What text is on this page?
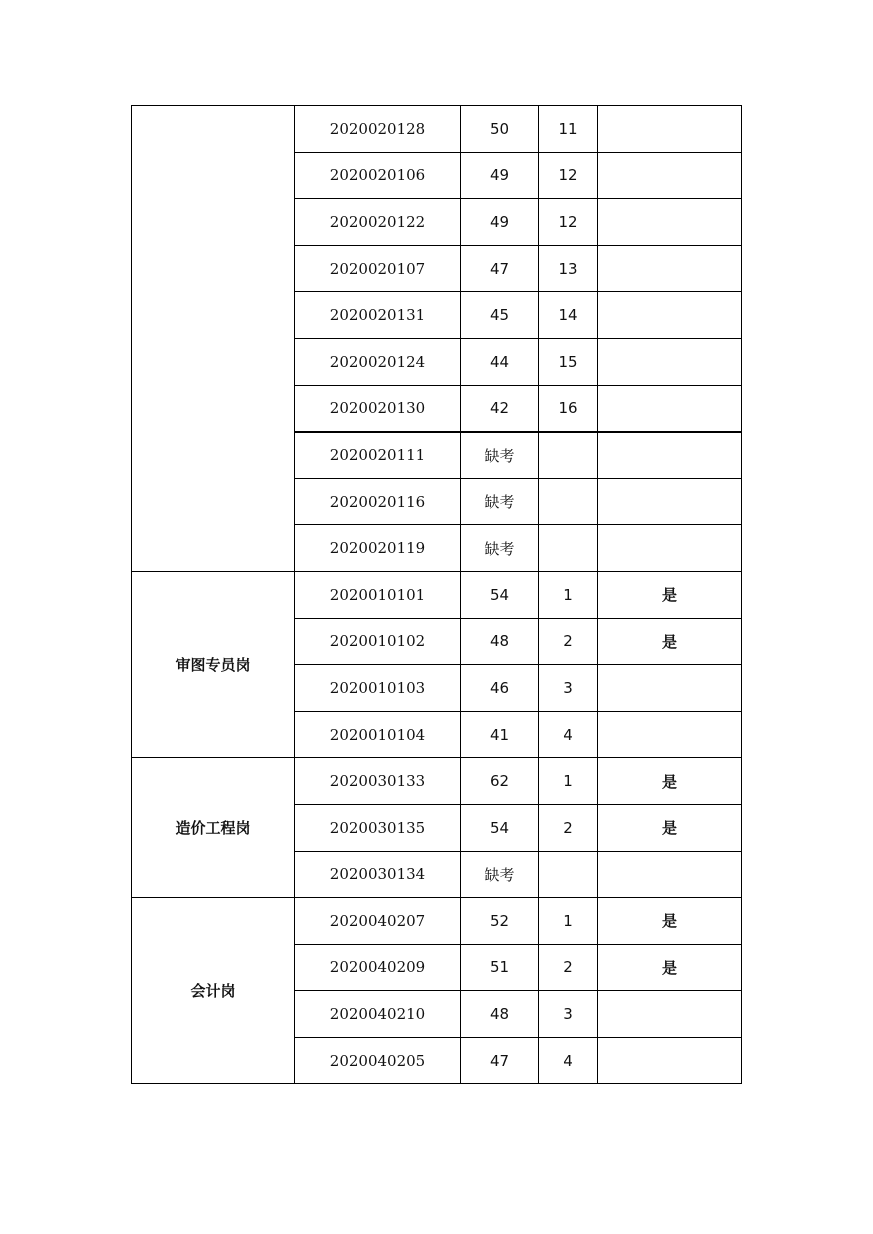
	2020020128	50	11	
	2020020106	49	12	
	2020020122	49	12	
	2020020107	47	13	
	2020020131	45	14	
	2020020124	44	15	
	2020020130	42	16	
	2020020111	缺考		
	2020020116	缺考		
	2020020119	缺考		
审图专员岗	2020010101	54	1	是
	2020010102	48	2	是
	2020010103	46	3	
	2020010104	41	4	
造价工程岗	2020030133	62	1	是
	2020030135	54	2	是
	2020030134	缺考		
会计岗	2020040207	52	1	是
	2020040209	51	2	是
	2020040210	48	3	
	2020040205	47	4	
